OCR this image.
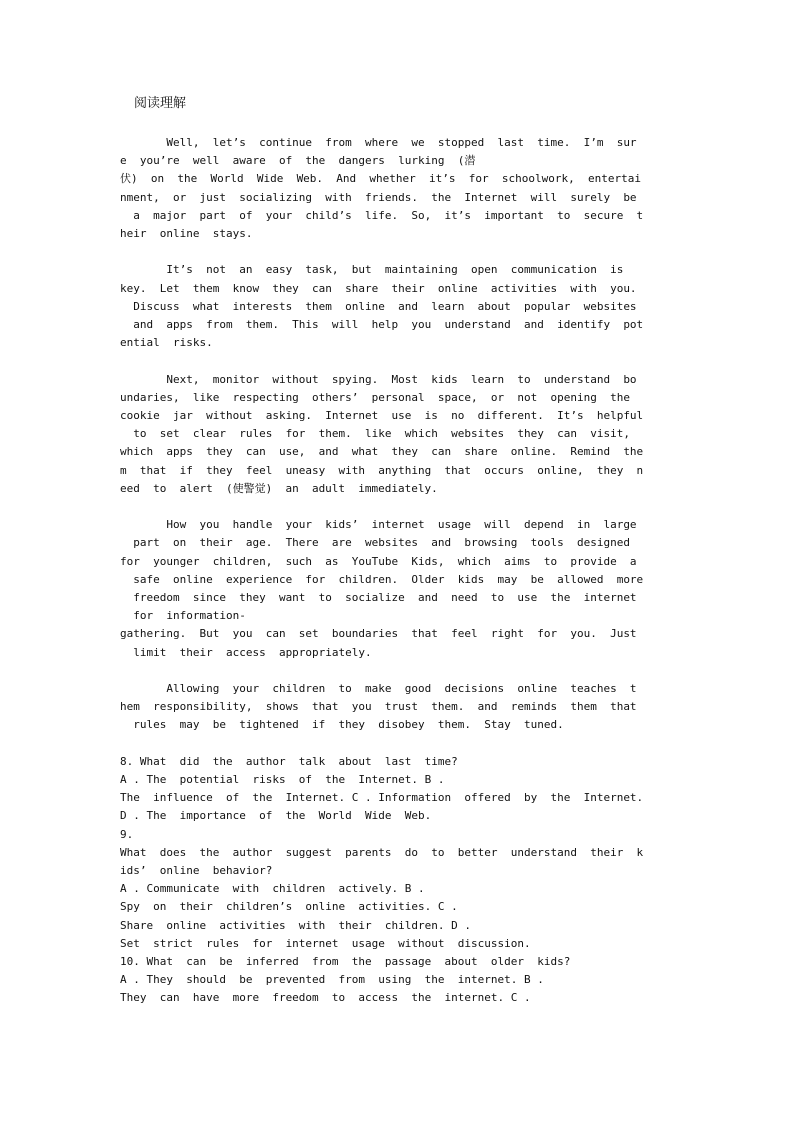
阅读理解
Well,  let’s  continue  from  where  we  stopped  last  time.  I’m  sur
e  you’re  well  aware  of  the  dangers  lurking  (潜
伏)  on  the  World  Wide  Web.  And  whether  it’s  for  schoolwork,  entertai
nment,  or  just  socializing  with  friends.  the  Internet  will  surely  be
a  major  part  of  your  child’s  life.  So,  it’s  important  to  secure  t
heir  online  stays.
It’s  not  an  easy  task,  but  maintaining  open  communication  is
key.  Let  them  know  they  can  share  their  online  activities  with  you.
Discuss  what  interests  them  online  and  learn  about  popular  websites
and  apps  from  them.  This  will  help  you  understand  and  identify  pot
ential  risks.
Next,  monitor  without  spying.  Most  kids  learn  to  understand  bo
undaries,  like  respecting  others’  personal  space,  or  not  opening  the
cookie  jar  without  asking.  Internet  use  is  no  different.  It’s  helpful
to  set  clear  rules  for  them.  like  which  websites  they  can  visit,
which  apps  they  can  use,  and  what  they  can  share  online.  Remind  the
m  that  if  they  feel  uneasy  with  anything  that  occurs  online,  they  n
eed  to  alert  (使警觉)  an  adult  immediately.
How  you  handle  your  kids’  internet  usage  will  depend  in  large
part  on  their  age.  There  are  websites  and  browsing  tools  designed
for  younger  children,  such  as  YouTube  Kids,  which  aims  to  provide  a
safe  online  experience  for  children.  Older  kids  may  be  allowed  more
freedom  since  they  want  to  socialize  and  need  to  use  the  internet
for  information-
gathering.  But  you  can  set  boundaries  that  feel  right  for  you.  Just
limit  their  access  appropriately.
Allowing  your  children  to  make  good  decisions  online  teaches  t
hem  responsibility,  shows  that  you  trust  them.  and  reminds  them  that
rules  may  be  tightened  if  they  disobey  them.  Stay  tuned.
8. What  did  the  author  talk  about  last  time?
A . The  potential  risks  of  the  Internet. B .
The  influence  of  the  Internet. C . Information  offered  by  the  Internet.
D . The  importance  of  the  World  Wide  Web.
9.
What  does  the  author  suggest  parents  do  to  better  understand  their  k
ids’  online  behavior?
A . Communicate  with  children  actively. B .
Spy  on  their  children’s  online  activities. C .
Share  online  activities  with  their  children. D .
Set  strict  rules  for  internet  usage  without  discussion.
10. What  can  be  inferred  from  the  passage  about  older  kids?
A . They  should  be  prevented  from  using  the  internet. B .
They  can  have  more  freedom  to  access  the  internet. C .
